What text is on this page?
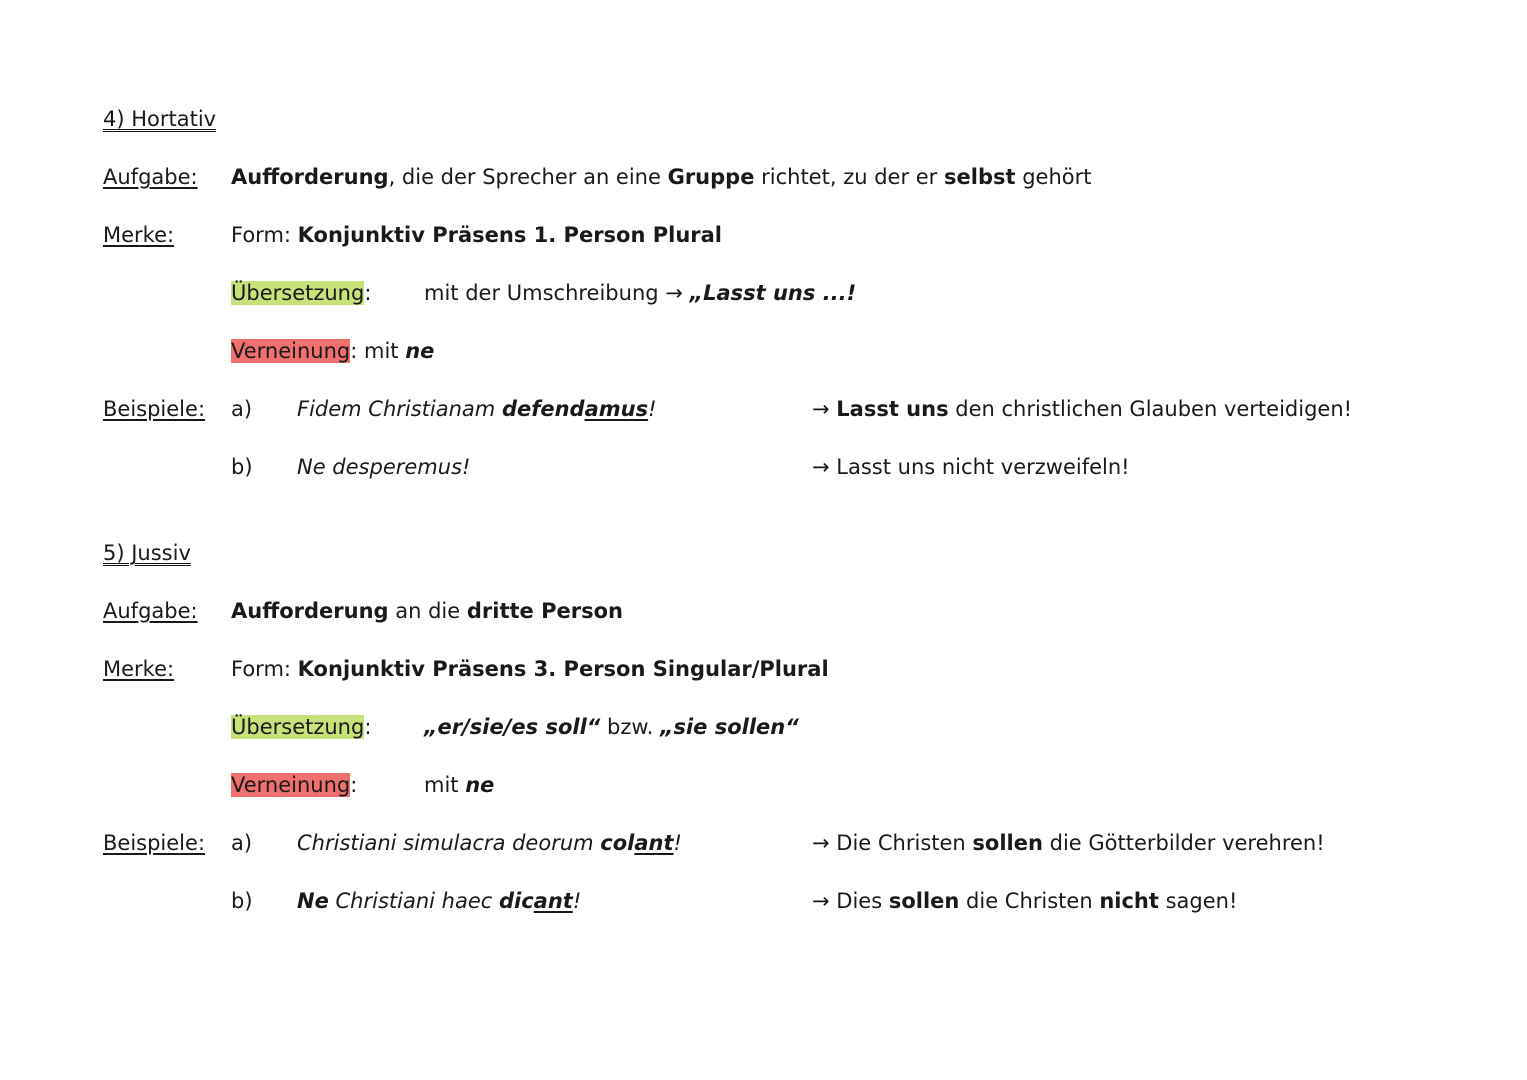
4) Hortativ
Aufgabe: Aufforderung, die der Sprecher an eine Gruppe richtet, zu der er selbst gehört
Merke:	Form: Konjunktiv Präsens 1. Person Plural
Übersetzung:	mit der Umschreibung → „Lasst uns ...!
Verneinung: mit ne
Beispiele: a) Fidem Christianam defendamus!	→ Lasst uns den christlichen Glauben verteidigen!
b) Ne desperemus!	→ Lasst uns nicht verzweifeln!
5) Jussiv
Aufgabe: Aufforderung an die dritte Person
Merke:	Form: Konjunktiv Präsens 3. Person Singular/Plural
Übersetzung:	„er/sie/es soll“ bzw. „sie sollen“
Verneinung:	mit ne
Beispiele: a) Christiani simulacra deorum colant!	→ Die Christen sollen die Götterbilder verehren!
b) Ne Christiani haec dicant!	→ Dies sollen die Christen nicht sagen!
